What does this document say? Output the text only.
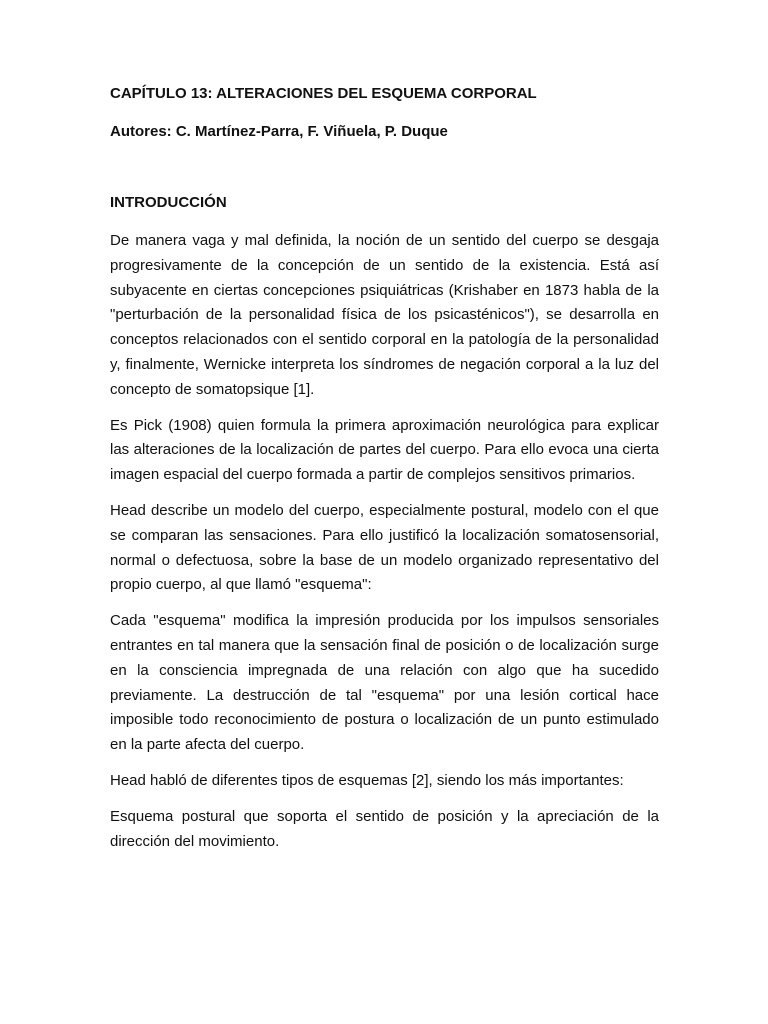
CAPÍTULO 13: ALTERACIONES DEL ESQUEMA CORPORAL

Autores: C. Martínez-Parra, F. Viñuela, P. Duque

INTRODUCCIÓN

De manera vaga y mal definida, la noción de un sentido del cuerpo se desgaja progresivamente de la concepción de un sentido de la existencia. Está así subyacente en ciertas concepciones psiquiátricas (Krishaber en 1873 habla de la "perturbación de la personalidad física de los psicasténicos"), se desarrolla en conceptos relacionados con el sentido corporal en la patología de la personalidad y, finalmente, Wernicke interpreta los síndromes de negación corporal a la luz del concepto de somatopsique [1].

Es Pick (1908) quien formula la primera aproximación neurológica para explicar las alteraciones de la localización de partes del cuerpo. Para ello evoca una cierta imagen espacial del cuerpo formada a partir de complejos sensitivos primarios.

Head describe un modelo del cuerpo, especialmente postural, modelo con el que se comparan las sensaciones. Para ello justificó la localización somatosensorial, normal o defectuosa, sobre la base de un modelo organizado representativo del propio cuerpo, al que llamó "esquema":

Cada "esquema" modifica la impresión producida por los impulsos sensoriales entrantes en tal manera que la sensación final de posición o de localización surge en la consciencia impregnada de una relación con algo que ha sucedido previamente. La destrucción de tal "esquema" por una lesión cortical hace imposible todo reconocimiento de postura o localización de un punto estimulado en la parte afecta del cuerpo.

Head habló de diferentes tipos de esquemas [2], siendo los más importantes:

Esquema postural que soporta el sentido de posición y la apreciación de la dirección del movimiento.
